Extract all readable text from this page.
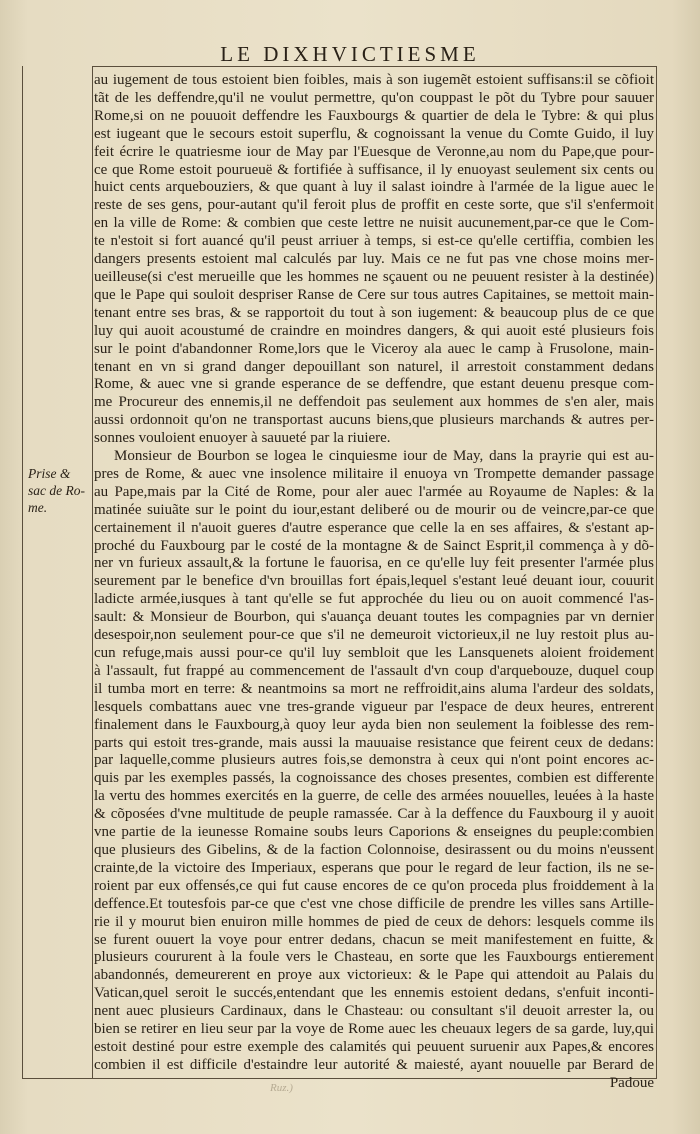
LE DIXHVICTIESME
Prise &
sac de Ro-
me.
au iugement de tous estoient bien foibles, mais à son iugemẽt estoient suffisans:il se cõfioit
tãt de les deffendre,qu'il ne voulut permettre, qu'on couppast le põt du Tybre pour sauuer
Rome,si on ne pouuoit deffendre les Fauxbourgs & quartier de dela le Tybre: & qui plus
est iugeant que le secours estoit superflu, & cognoissant la venue du Comte Guido, il luy
feit écrire le quatriesme iour de May par l'Euesque de Veronne,au nom du Pape,que pour-
ce que Rome estoit pourueuë & fortifiée à suffisance, il ly enuoyast seulement six cents ou
huict cents arquebouziers, & que quant à luy il salast ioindre à l'armée de la ligue auec le
reste de ses gens, pour-autant qu'il feroit plus de proffit en ceste sorte, que s'il s'enfermoit
en la ville de Rome: & combien que ceste lettre ne nuisit aucunement,par-ce que le Com-
te n'estoit si fort auancé qu'il peust arriuer à temps, si est-ce qu'elle certiffia, combien les
dangers presents estoient mal calculés par luy. Mais ce ne fut pas vne chose moins mer-
ueilleuse(si c'est merueille que les hommes ne sçauent ou ne peuuent resister à la destinée)
que le Pape qui souloit despriser Ranse de Cere sur tous autres Capitaines, se mettoit main-
tenant entre ses bras, & se rapportoit du tout à son iugement: & beaucoup plus de ce que
luy qui auoit acoustumé de craindre en moindres dangers, & qui auoit esté plusieurs fois
sur le point d'abandonner Rome,lors que le Viceroy ala auec le camp à Frusolone, main-
tenant en vn si grand danger depouillant son naturel, il arrestoit constamment dedans
Rome, & auec vne si grande esperance de se deffendre, que estant deuenu presque com-
me Procureur des ennemis,il ne deffendoit pas seulement aux hommes de s'en aler, mais
aussi ordonnoit qu'on ne transportast aucuns biens,que plusieurs marchands & autres per-
sonnes vouloient enuoyer à sauueté par la riuiere.
Monsieur de Bourbon se logea le cinquiesme iour de May, dans la prayrie qui est au-
pres de Rome, & auec vne insolence militaire il enuoya vn Trompette demander passage
au Pape,mais par la Cité de Rome, pour aler auec l'armée au Royaume de Naples: & la
matinée suiuãte sur le point du iour,estant deliberé ou de mourir ou de veincre,par-ce que
certainement il n'auoit gueres d'autre esperance que celle la en ses affaires, & s'estant ap-
proché du Fauxbourg par le costé de la montagne & de Sainct Esprit,il commença à y dõ-
ner vn furieux assault,& la fortune le fauorisa, en ce qu'elle luy feit presenter l'armée plus
seurement par le benefice d'vn brouillas fort épais,lequel s'estant leué deuant iour, couurit
ladicte armée,iusques à tant qu'elle se fut approchée du lieu ou on auoit commencé l'as-
sault: & Monsieur de Bourbon, qui s'auança deuant toutes les compagnies par vn dernier
desespoir,non seulement pour-ce que s'il ne demeuroit victorieux,il ne luy restoit plus au-
cun refuge,mais aussi pour-ce qu'il luy sembloit que les Lansquenets aloient froidement
à l'assault, fut frappé au commencement de l'assault d'vn coup d'arquebouze, duquel coup
il tumba mort en terre: & neantmoins sa mort ne reffroidit,ains aluma l'ardeur des soldats,
lesquels combattans auec vne tres-grande vigueur par l'espace de deux heures, entrerent
finalement dans le Fauxbourg,à quoy leur ayda bien non seulement la foiblesse des rem-
parts qui estoit tres-grande, mais aussi la mauuaise resistance que feirent ceux de dedans:
par laquelle,comme plusieurs autres fois,se demonstra à ceux qui n'ont point encores ac-
quis par les exemples passés, la cognoissance des choses presentes, combien est differente
la vertu des hommes exercités en la guerre, de celle des armées nouuelles, leuées à la haste
& cõposées d'vne multitude de peuple ramassée. Car à la deffence du Fauxbourg il y auoit
vne partie de la ieunesse Romaine soubs leurs Caporions & enseignes du peuple:combien
que plusieurs des Gibelins, & de la faction Colonnoise, desirassent ou du moins n'eussent
crainte,de la victoire des Imperiaux, esperans que pour le regard de leur faction, ils ne se-
roient par eux offensés,ce qui fut cause encores de ce qu'on proceda plus froiddement à la
deffence.Et toutesfois par-ce que c'est vne chose difficile de prendre les villes sans Artille-
rie il y mourut bien enuiron mille hommes de pied de ceux de dehors: lesquels comme ils
se furent ouuert la voye pour entrer dedans, chacun se meit manifestement en fuitte, &
plusieurs coururent à la foule vers le Chasteau, en sorte que les Fauxbourgs entierement
abandonnés, demeurerent en proye aux victorieux: & le Pape qui attendoit au Palais du
Vatican,quel seroit le succés,entendant que les ennemis estoient dedans, s'enfuit inconti-
nent auec plusieurs Cardinaux, dans le Chasteau: ou consultant s'il deuoit arrester la, ou
bien se retirer en lieu seur par la voye de Rome auec les cheuaux legers de sa garde, luy,qui
estoit destiné pour estre exemple des calamités qui peuuent suruenir aux Papes,& encores
combien il est difficile d'estaindre leur autorité & maiesté, ayant nouuelle par Berard de
Padoue
Ruz.)
